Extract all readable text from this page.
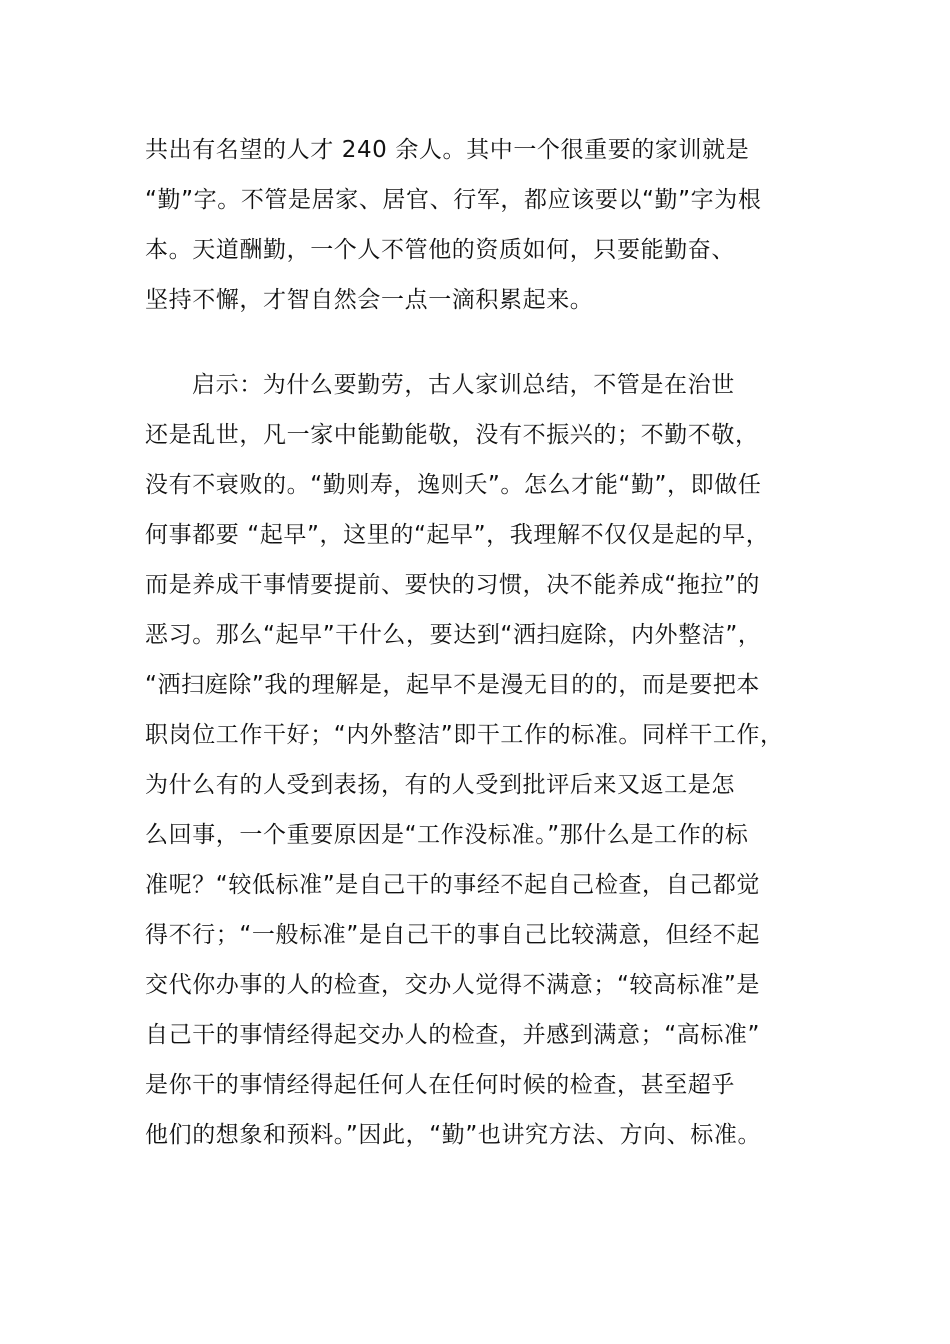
共出有名望的人才 240 余人。其中一个很重要的家训就是
“勤”字。不管是居家、居官、行军，都应该要以“勤”字为根
本。天道酬勤，一个人不管他的资质如何，只要能勤奋、
坚持不懈，才智自然会一点一滴积累起来。
启示：为什么要勤劳，古人家训总结，不管是在治世
还是乱世，凡一家中能勤能敬，没有不振兴的；不勤不敬，
没有不衰败的。“勤则寿，逸则夭”。怎么才能“勤”，即做任
何事都要 “起早”，这里的“起早”，我理解不仅仅是起的早，
而是养成干事情要提前、要快的习惯，决不能养成“拖拉”的
恶习。那么“起早”干什么，要达到“洒扫庭除，内外整洁”，
“洒扫庭除”我的理解是，起早不是漫无目的的，而是要把本
职岗位工作干好；“内外整洁”即干工作的标准。同样干工作，
为什么有的人受到表扬，有的人受到批评后来又返工是怎
么回事，一个重要原因是“工作没标准。”那什么是工作的标
准呢？“较低标准”是自己干的事经不起自己检查，自己都觉
得不行；“一般标准”是自己干的事自己比较满意，但经不起
交代你办事的人的检查，交办人觉得不满意；“较高标准”是
自己干的事情经得起交办人的检查，并感到满意；“高标准”
是你干的事情经得起任何人在任何时候的检查，甚至超乎
他们的想象和预料。”因此，“勤”也讲究方法、方向、标准。
